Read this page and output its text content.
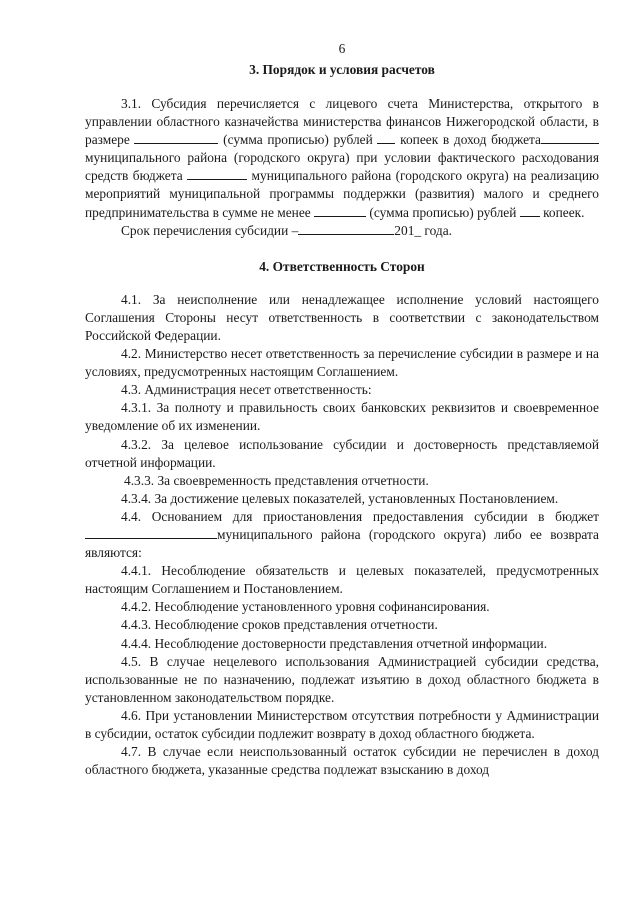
6
3. Порядок и условия расчетов

3.1. Субсидия перечисляется с лицевого счета Министерства, открытого в управлении областного казначейства министерства финансов Нижегородской области, в размере	(сумма прописью) рублей  копеек в доход бюджета муниципального района (городского округа) при условии фактического расходования средств бюджета	муниципального района (городского округа) на реализацию мероприятий муниципальной программы поддержки (развития) малого и среднего предпринимательства в сумме не менее	(сумма прописью) рублей  копеек.

Срок перечисления субсидии –	201_ года.

4. Ответственность Сторон

4.1. За неисполнение или ненадлежащее исполнение условий настоящего Соглашения Стороны несут ответственность в соответствии с законодательством Российской Федерации.

4.2. Министерство несет ответственность за перечисление субсидии в размере и на условиях, предусмотренных настоящим Соглашением.

4.3. Администрация несет ответственность:

4.3.1. За полноту и правильность своих банковских реквизитов и своевременное уведомление об их изменении.

4.3.2. За целевое использование субсидии и достоверность представляемой отчетной информации.

4.3.3. За своевременность представления отчетности.

4.3.4. За достижение целевых показателей, установленных Постановлением.

4.4. Основанием для приостановления предоставления субсидии в бюджет муниципального района (городского округа) либо ее возврата являются:

4.4.1. Несоблюдение обязательств и целевых показателей, предусмотренных настоящим Соглашением и Постановлением.

4.4.2. Несоблюдение установленного уровня софинансирования.

4.4.3. Несоблюдение сроков представления отчетности.

4.4.4. Несоблюдение достоверности представления отчетной информации.

4.5. В случае нецелевого использования Администрацией субсидии средства, использованные не по назначению, подлежат изъятию в доход областного бюджета в установленном законодательством порядке.

4.6. При установлении Министерством отсутствия потребности у Администрации в субсидии, остаток субсидии подлежит возврату в доход областного бюджета.

4.7. В случае если неиспользованный остаток субсидии не перечислен в доход областного бюджета, указанные средства подлежат взысканию в доход
